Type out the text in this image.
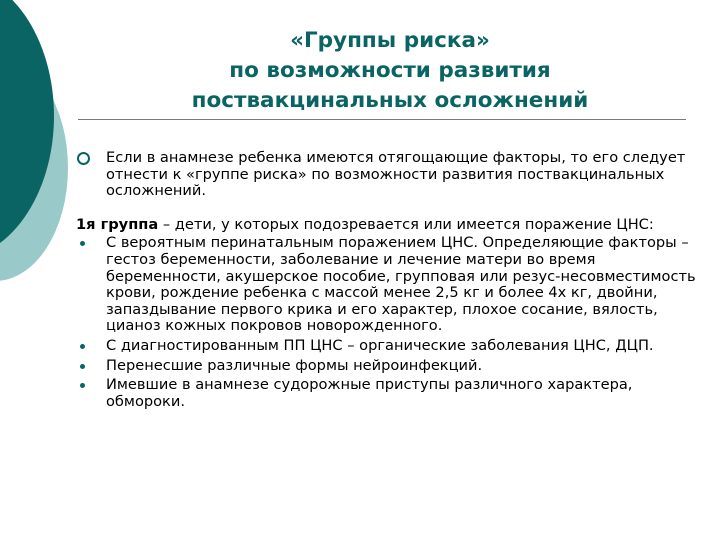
«Группы риска»
по возможности развития
поствакцинальных осложнений
Если в анамнезе ребенка имеются отягощающие факторы, то его следует отнести к «группе риска» по возможности развития поствакцинальных осложнений.
1я группа – дети, у которых подозревается или имеется поражение ЦНС:
С вероятным перинатальным поражением ЦНС. Определяющие факторы – гестоз беременности, заболевание и лечение матери во время беременности, акушерское пособие, групповая или резус-несовместимость крови, рождение ребенка с массой менее 2,5 кг и более 4х кг, двойни, запаздывание первого крика и его характер, плохое сосание, вялость, цианоз кожных покровов новорожденного.
С диагностированным ПП ЦНС – органические заболевания ЦНС, ДЦП.
Перенесшие различные формы нейроинфекций.
Имевшие в анамнезе судорожные приступы различного характера, обмороки.
